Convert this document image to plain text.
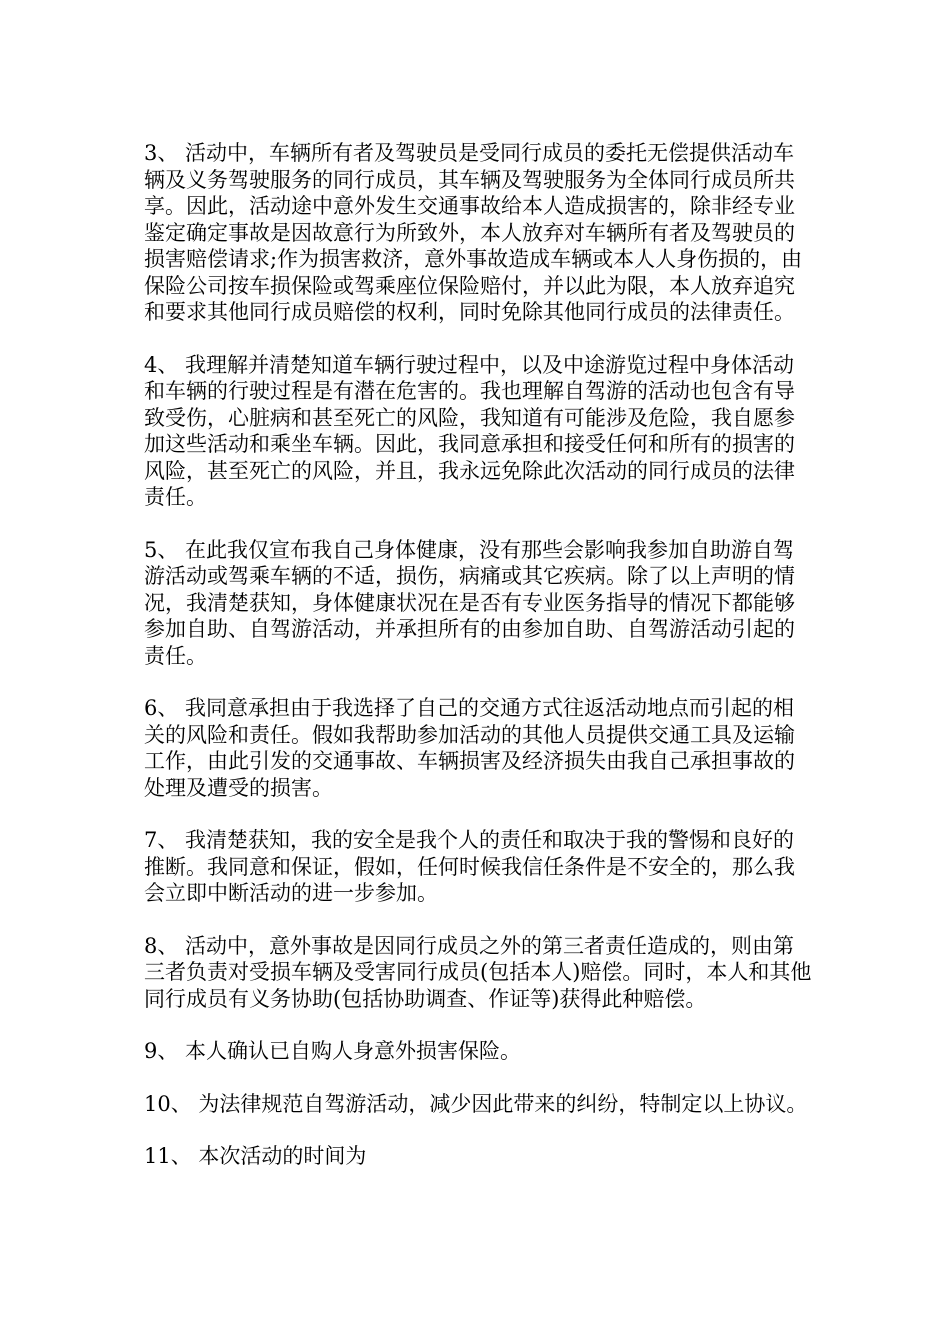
3、 活动中，车辆所有者及驾驶员是受同行成员的委托无偿提供活动车辆及义务驾驶服务的同行成员，其车辆及驾驶服务为全体同行成员所共享。因此，活动途中意外发生交通事故给本人造成损害的，除非经专业鉴定确定事故是因故意行为所致外，本人放弃对车辆所有者及驾驶员的损害赔偿请求;作为损害救济，意外事故造成车辆或本人人身伤损的，由保险公司按车损保险或驾乘座位保险赔付，并以此为限，本人放弃追究和要求其他同行成员赔偿的权利，同时免除其他同行成员的法律责任。

4、 我理解并清楚知道车辆行驶过程中，以及中途游览过程中身体活动和车辆的行驶过程是有潜在危害的。我也理解自驾游的活动也包含有导致受伤，心脏病和甚至死亡的风险，我知道有可能涉及危险，我自愿参加这些活动和乘坐车辆。因此，我同意承担和接受任何和所有的损害的风险，甚至死亡的风险，并且，我永远免除此次活动的同行成员的法律责任。

5、 在此我仅宣布我自己身体健康，没有那些会影响我参加自助游自驾游活动或驾乘车辆的不适，损伤，病痛或其它疾病。除了以上声明的情况，我清楚获知，身体健康状况在是否有专业医务指导的情况下都能够参加自助、自驾游活动，并承担所有的由参加自助、自驾游活动引起的责任。

6、 我同意承担由于我选择了自己的交通方式往返活动地点而引起的相关的风险和责任。假如我帮助参加活动的其他人员提供交通工具及运输工作，由此引发的交通事故、车辆损害及经济损失由我自己承担事故的处理及遭受的损害。

7、 我清楚获知，我的安全是我个人的责任和取决于我的警惕和良好的推断。我同意和保证，假如，任何时候我信任条件是不安全的，那么我会立即中断活动的进一步参加。

8、 活动中，意外事故是因同行成员之外的第三者责任造成的，则由第三者负责对受损车辆及受害同行成员(包括本人)赔偿。同时，本人和其他同行成员有义务协助(包括协助调查、作证等)获得此种赔偿。

9、 本人确认已自购人身意外损害保险。

10、 为法律规范自驾游活动，减少因此带来的纠纷，特制定以上协议。

11、 本次活动的时间为
